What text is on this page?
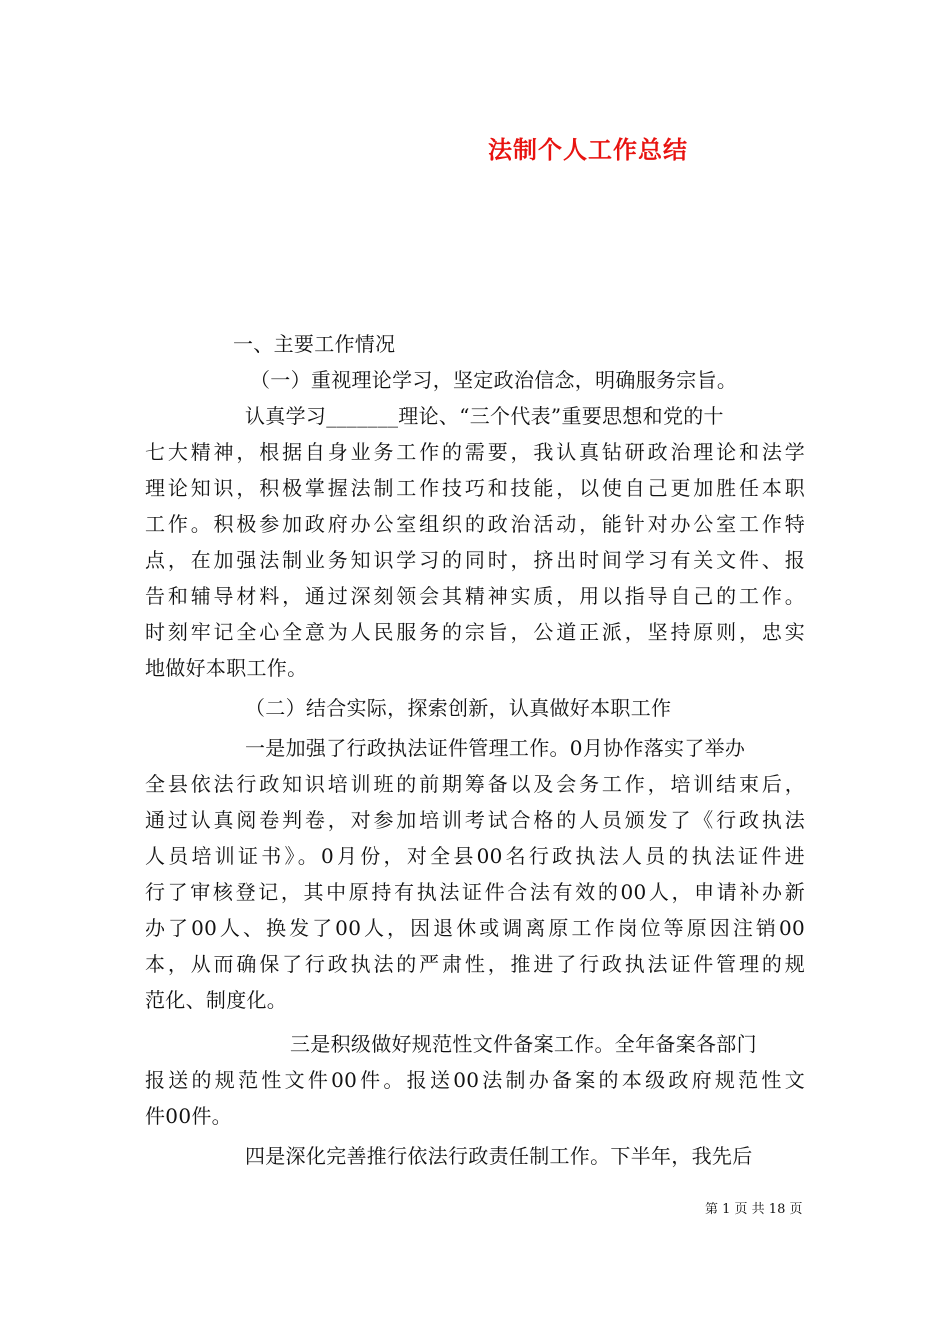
法制个人工作总结
一、主要工作情况
（一）重视理论学习，坚定政治信念，明确服务宗旨。
认真学习_______理论、“三个代表”重要思想和党的十
七大精神，根据自身业务工作的需要，我认真钻研政治理论和法学
理论知识，积极掌握法制工作技巧和技能，以使自己更加胜任本职
工作。积极参加政府办公室组织的政治活动，能针对办公室工作特
点，在加强法制业务知识学习的同时，挤出时间学习有关文件、报
告和辅导材料，通过深刻领会其精神实质，用以指导自己的工作。
时刻牢记全心全意为人民服务的宗旨，公道正派，坚持原则，忠实
地做好本职工作。
（二）结合实际，探索创新，认真做好本职工作
一是加强了行政执法证件管理工作。0月协作落实了举办
全县依法行政知识培训班的前期筹备以及会务工作，培训结束后，
通过认真阅卷判卷，对参加培训考试合格的人员颁发了《行政执法
人员培训证书》。0月份，对全县00名行政执法人员的执法证件进
行了审核登记，其中原持有执法证件合法有效的00人，申请补办新
办了00人、换发了00人，因退休或调离原工作岗位等原因注销00
本，从而确保了行政执法的严肃性，推进了行政执法证件管理的规
范化、制度化。
三是积级做好规范性文件备案工作。全年备案各部门
报送的规范性文件00件。报送00法制办备案的本级政府规范性文
件00件。
四是深化完善推行依法行政责任制工作。下半年，我先后
第 1 页 共 18 页
